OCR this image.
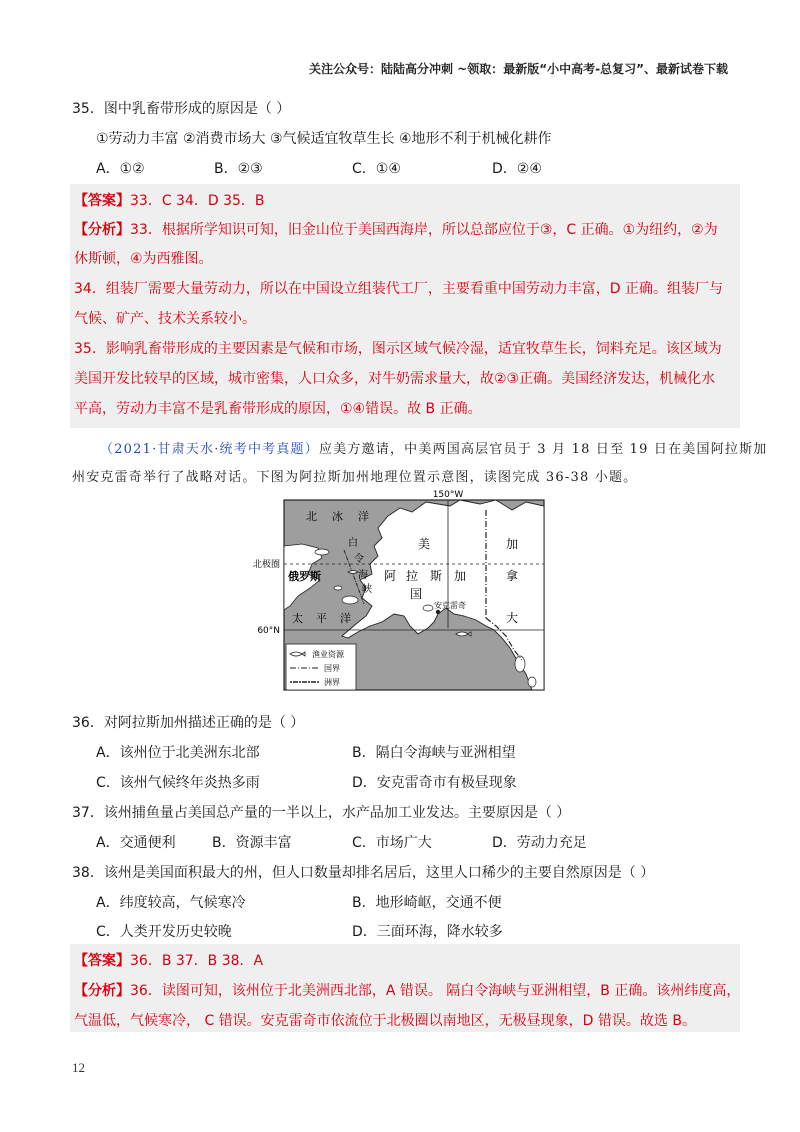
关注公众号：陆陆高分冲刺 ~领取：最新版“小中高考-总复习”、最新试卷下载
35．图中乳畜带形成的原因是（ ）
①劳动力丰富 ②消费市场大 ③气候适宜牧草生长 ④地形不利于机械化耕作
A．①②	B．②③	C．①④	D．②④
【答案】33．C 34．D 35．B
【分析】33．根据所学知识可知，旧金山位于美国西海岸，所以总部应位于③，C 正确。①为纽约，②为
休斯顿，④为西雅图。
34．组装厂需要大量劳动力，所以在中国设立组装代工厂，主要看重中国劳动力丰富，D 正确。组装厂与
气候、矿产、技术关系较小。
35．影响乳畜带形成的主要因素是气候和市场，图示区域气候冷湿，适宜牧草生长，饲料充足。该区域为
美国开发比较早的区域，城市密集，人口众多，对牛奶需求量大，故②③正确。美国经济发达，机械化水
平高，劳动力丰富不是乳畜带形成的原因，①④错误。故 B 正确。
（2021·甘肃天水·统考中考真题）应美方邀请，中美两国高层官员于 3 月 18 日至 19 日在美国阿拉斯加
州安克雷奇举行了战略对话。下图为阿拉斯加州地理位置示意图，读图完成 36-38 小题。
150°W
北极圈
60°N
北 冰 洋
白
令
海
峡
俄罗斯	阿 拉 斯 加
美
国
加
拿
大
安克雷奇
太 平 洋
渔业资源
国界
洲界
36．对阿拉斯加州描述正确的是（ ）
A．该州位于北美洲东北部	B．隔白令海峡与亚洲相望
C．该州气候终年炎热多雨	D．安克雷奇市有极昼现象
37．该州捕鱼量占美国总产量的一半以上，水产品加工业发达。主要原因是（ ）
A．交通便利	B．资源丰富	C．市场广大	D．劳动力充足
38．该州是美国面积最大的州，但人口数量却排名居后，这里人口稀少的主要自然原因是（ ）
A．纬度较高，气候寒冷	B．地形崎岖，交通不便
C．人类开发历史较晚	D．三面环海，降水较多
【答案】36．B 37．B 38．A
【分析】36．读图可知，该州位于北美洲西北部，A 错误。 隔白令海峡与亚洲相望，B 正确。该州纬度高，
气温低，气候寒冷， C 错误。安克雷奇市依流位于北极圈以南地区，无极昼现象，D 错误。故选 B。
12
